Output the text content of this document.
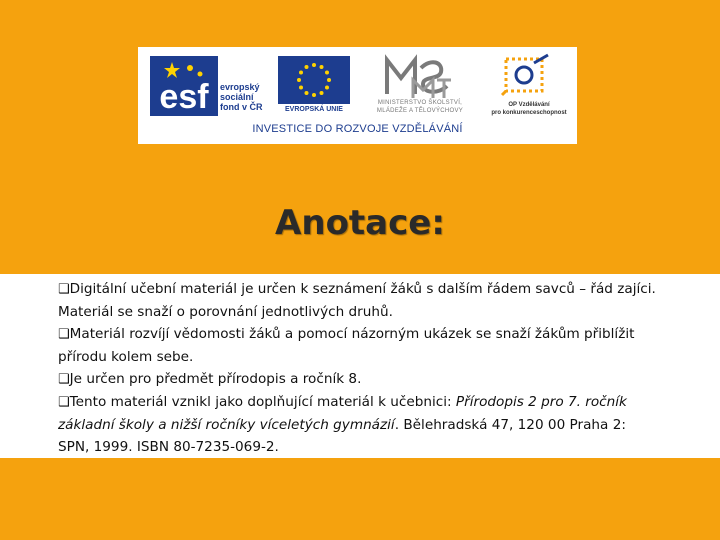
esf evropský
sociální
fond v ČR	EVROPSKÁ UNIE
MINISTERSTVO ŠKOLSTVÍ,
MLÁDEŽE A TĚLOVÝCHOVY
OP Vzdělávání
pro konkurenceschopnost
INVESTICE DO ROZVOJE VZDĚLÁVÁNÍ
Anotace:

❑Digitální učební materiál je určen k seznámení žáků s dalším řádem savců – řád zajíci. Materiál se snaží o porovnání jednotlivých druhů.

❑Materiál rozvíjí vědomosti žáků a pomocí názorným ukázek se snaží žákům přiblížit přírodu kolem sebe.

❑Je určen pro předmět přírodopis a ročník 8.

❑Tento materiál vznikl jako doplňující materiál k učebnici: Přírodopis 2 pro 7. ročník základní školy a nižší ročníky víceletých gymnázií. Bělehradská 47, 120 00 Praha 2: SPN, 1999. ISBN 80-7235-069-2.
